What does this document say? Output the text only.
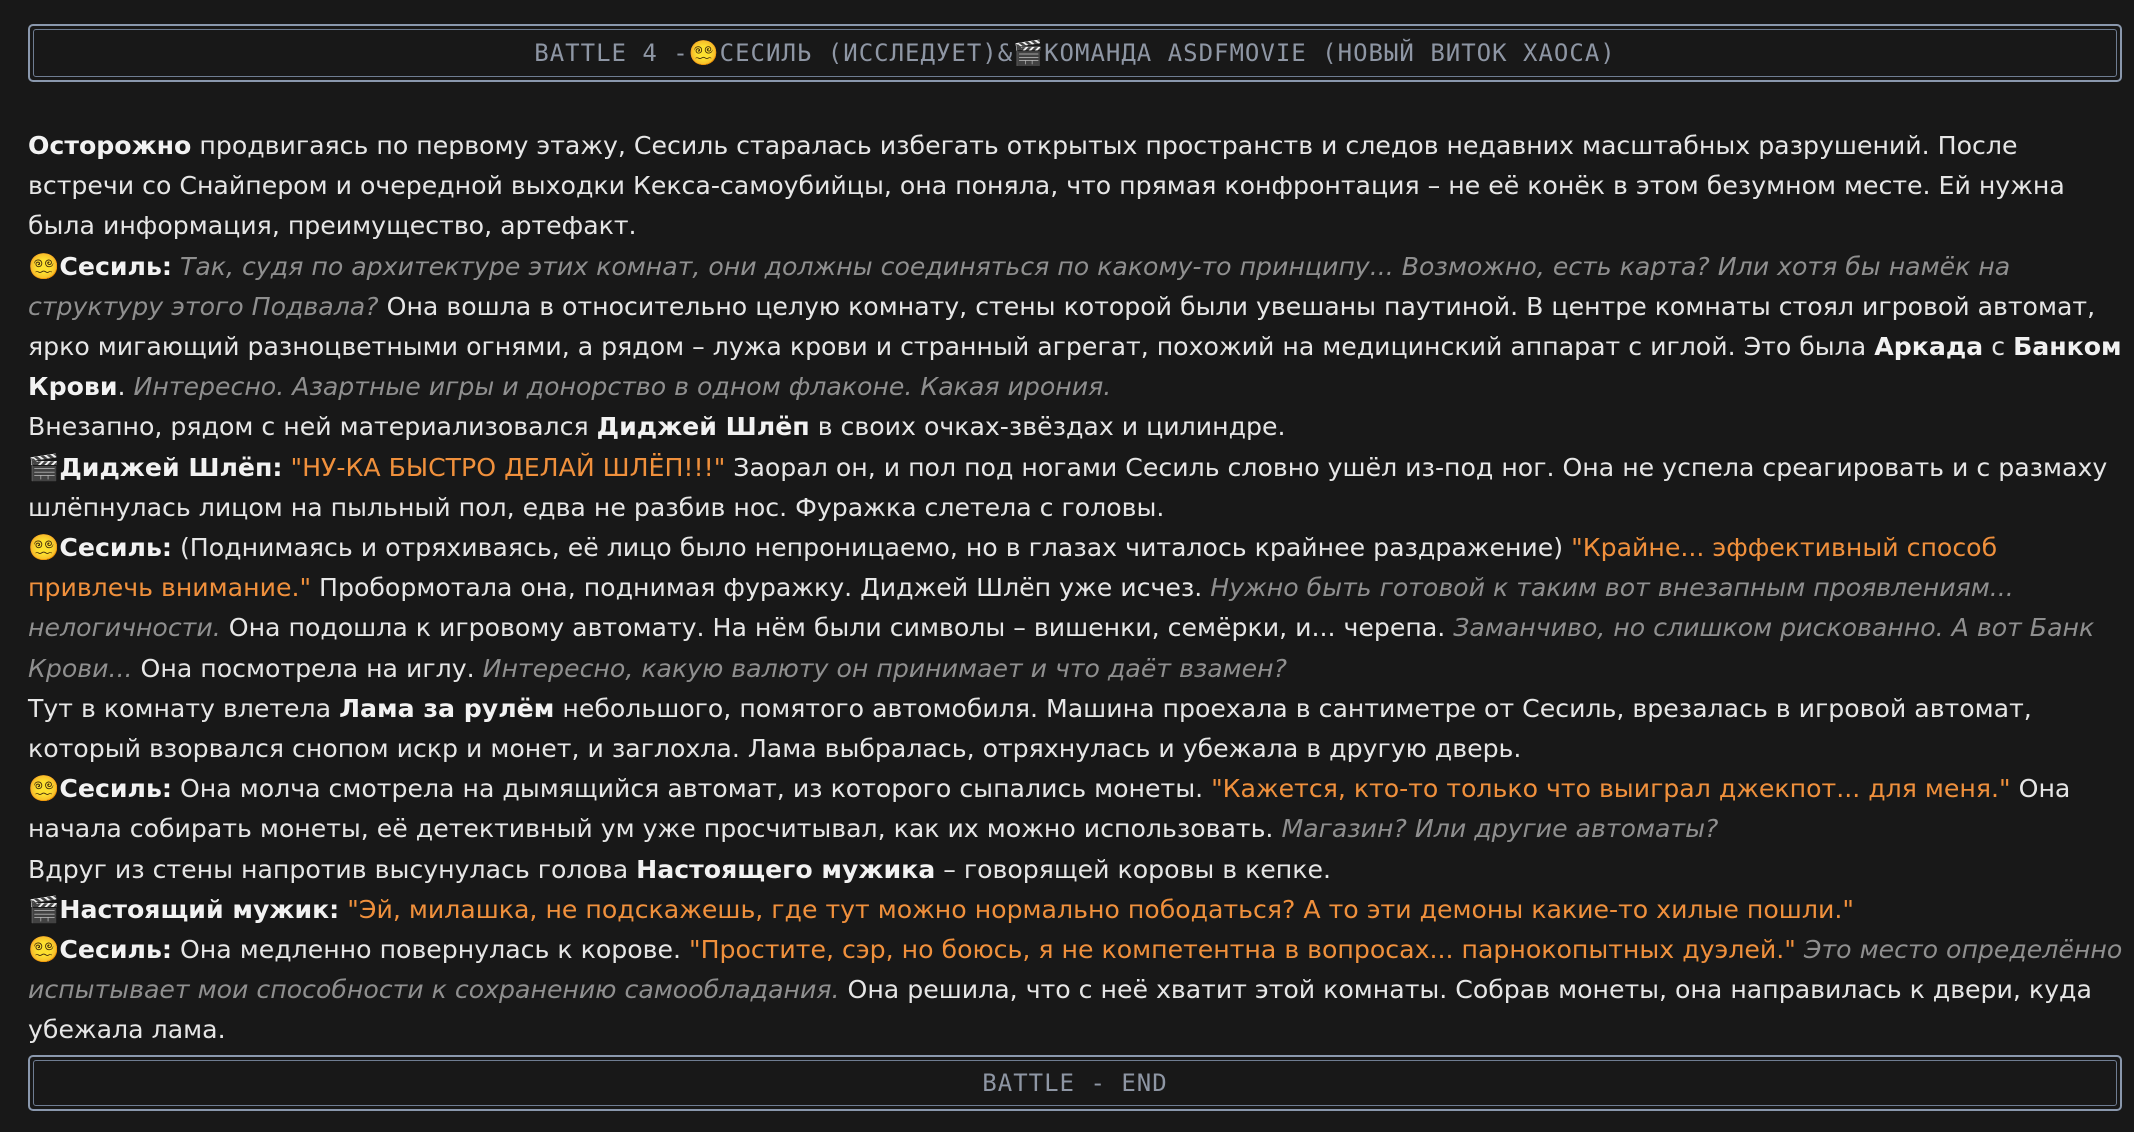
BATTLE 4 - 😵‍💫 СЕСИЛЬ (ИССЛЕДУЕТ) & 🎬 КОМАНДА ASDFMOVIE (НОВЫЙ ВИТОК ХАОСА)

Осторожно продвигаясь по первому этажу, Сесиль старалась избегать открытых пространств и следов недавних масштабных разрушений. После встречи со Снайпером и очередной выходки Кекса-самоубийцы, она поняла, что прямая конфронтация – не её конёк в этом безумном месте. Ей нужна была информация, преимущество, артефакт.

😵‍💫Сесиль: Так, судя по архитектуре этих комнат, они должны соединяться по какому-то принципу... Возможно, есть карта? Или хотя бы намёк на структуру этого Подвала? Она вошла в относительно целую комнату, стены которой были увешаны паутиной. В центре комнаты стоял игровой автомат, ярко мигающий разноцветными огнями, а рядом – лужа крови и странный агрегат, похожий на медицинский аппарат с иглой. Это была Аркада с Банком Крови. Интересно. Азартные игры и донорство в одном флаконе. Какая ирония.

Внезапно, рядом с ней материализовался Диджей Шлёп в своих очках-звёздах и цилиндре.

🎬Диджей Шлёп: "НУ-КА БЫСТРО ДЕЛАЙ ШЛЁП!!!" Заорал он, и пол под ногами Сесиль словно ушёл из-под ног. Она не успела среагировать и с размаху шлёпнулась лицом на пыльный пол, едва не разбив нос. Фуражка слетела с головы.

😵‍💫Сесиль: (Поднимаясь и отряхиваясь, её лицо было непроницаемо, но в глазах читалось крайнее раздражение) "Крайне... эффективный способ привлечь внимание." Пробормотала она, поднимая фуражку. Диджей Шлёп уже исчез. Нужно быть готовой к таким вот внезапным проявлениям... нелогичности. Она подошла к игровому автомату. На нём были символы – вишенки, семёрки, и... черепа. Заманчиво, но слишком рискованно. А вот Банк Крови... Она посмотрела на иглу. Интересно, какую валюту он принимает и что даёт взамен?

Тут в комнату влетела Лама за рулём небольшого, помятого автомобиля. Машина проехала в сантиметре от Сесиль, врезалась в игровой автомат, который взорвался снопом искр и монет, и заглохла. Лама выбралась, отряхнулась и убежала в другую дверь.

😵‍💫Сесиль: Она молча смотрела на дымящийся автомат, из которого сыпались монеты. "Кажется, кто-то только что выиграл джекпот... для меня." Она начала собирать монеты, её детективный ум уже просчитывал, как их можно использовать. Магазин? Или другие автоматы?

Вдруг из стены напротив высунулась голова Настоящего мужика – говорящей коровы в кепке.

🎬Настоящий мужик: "Эй, милашка, не подскажешь, где тут можно нормально пободаться? А то эти демоны какие-то хилые пошли."

😵‍💫Сесиль: Она медленно повернулась к корове. "Простите, сэр, но боюсь, я не компетентна в вопросах... парнокопытных дуэлей." Это место определённо испытывает мои способности к сохранению самообладания. Она решила, что с неё хватит этой комнаты. Собрав монеты, она направилась к двери, куда убежала лама.

BATTLE - END
